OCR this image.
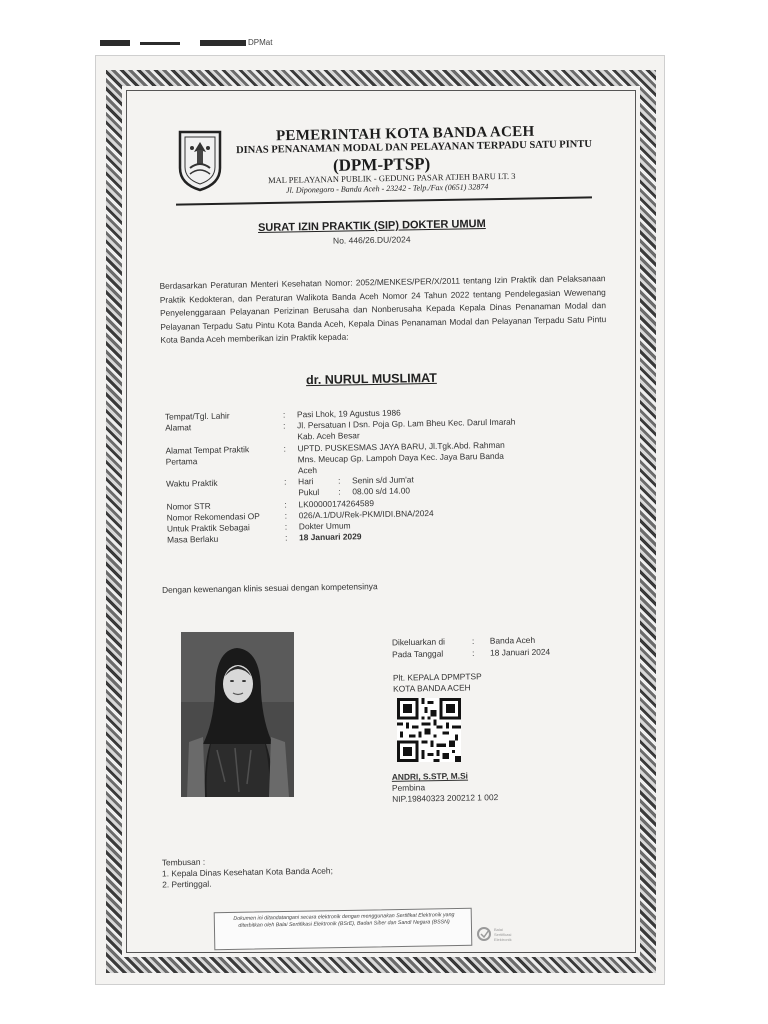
DPMat
PEMERINTAH KOTA BANDA ACEH
DINAS PENANAMAN MODAL DAN PELAYANAN TERPADU SATU PINTU
(DPM-PTSP)
MAL PELAYANAN PUBLIK - GEDUNG PASAR ATJEH BARU LT. 3
Jl. Diponegoro - Banda Aceh - 23242 - Telp./Fax (0651) 32874
SURAT IZIN PRAKTIK (SIP) DOKTER UMUM
No. 446/26.DU/2024
Berdasarkan Peraturan Menteri Kesehatan Nomor: 2052/MENKES/PER/X/2011 tentang Izin Praktik dan Pelaksanaan Praktik Kedokteran, dan Peraturan Walikota Banda Aceh Nomor 24 Tahun 2022 tentang Pendelegasian Wewenang Penyelenggaraan Pelayanan Perizinan Berusaha dan Nonberusaha Kepada Kepala Dinas Penanaman Modal dan Pelayanan Terpadu Satu Pintu Kota Banda Aceh, Kepala Dinas Penanaman Modal dan Pelayanan Terpadu Satu Pintu Kota Banda Aceh memberikan izin Praktik kepada:
dr. NURUL MUSLIMAT
Tempat/Tgl. Lahir	:	Pasi Lhok, 19 Agustus 1986
Alamat	:	Jl. Persatuan I Dsn. Poja Gp. Lam Bheu Kec. Darul Imarah
Kab. Aceh Besar
Alamat Tempat Praktik
Pertama
:	UPTD. PUSKESMAS JAYA BARU, Jl.Tgk.Abd. Rahman
Mns. Meucap Gp. Lampoh Daya Kec. Jaya Baru Banda
Aceh
Waktu Praktik	:	Hari	:	Senin s/d Jum'at
Pukul	:	08.00 s/d 14.00
Nomor STR	:	LK00000174264589
Nomor Rekomendasi OP	:	026/A.1/DU/Rek-PKM/IDI.BNA/2024
Untuk Praktik Sebagai	:	Dokter Umum
Masa Berlaku	:	18 Januari 2029
Dengan kewenangan klinis sesuai dengan kompetensinya
Dikeluarkan di	:	Banda Aceh
Pada Tanggal	:	18 Januari 2024
Plt. KEPALA DPMPTSP
KOTA BANDA ACEH
ANDRI, S.STP, M.Si
Pembina
NIP.19840323 200212 1 002
Tembusan :
1. Kepala Dinas Kesehatan Kota Banda Aceh;
2. Pertinggal.
Dokumen ini ditandatangani secara elektronik dengan menggunakan Sertifikat Elektronik yang diterbitkan oleh Balai Sertifikasi Elektronik (BSrE), Badan Siber dan Sandi Negara (BSSN)
Balai
Sertifikasi
Elektronik
